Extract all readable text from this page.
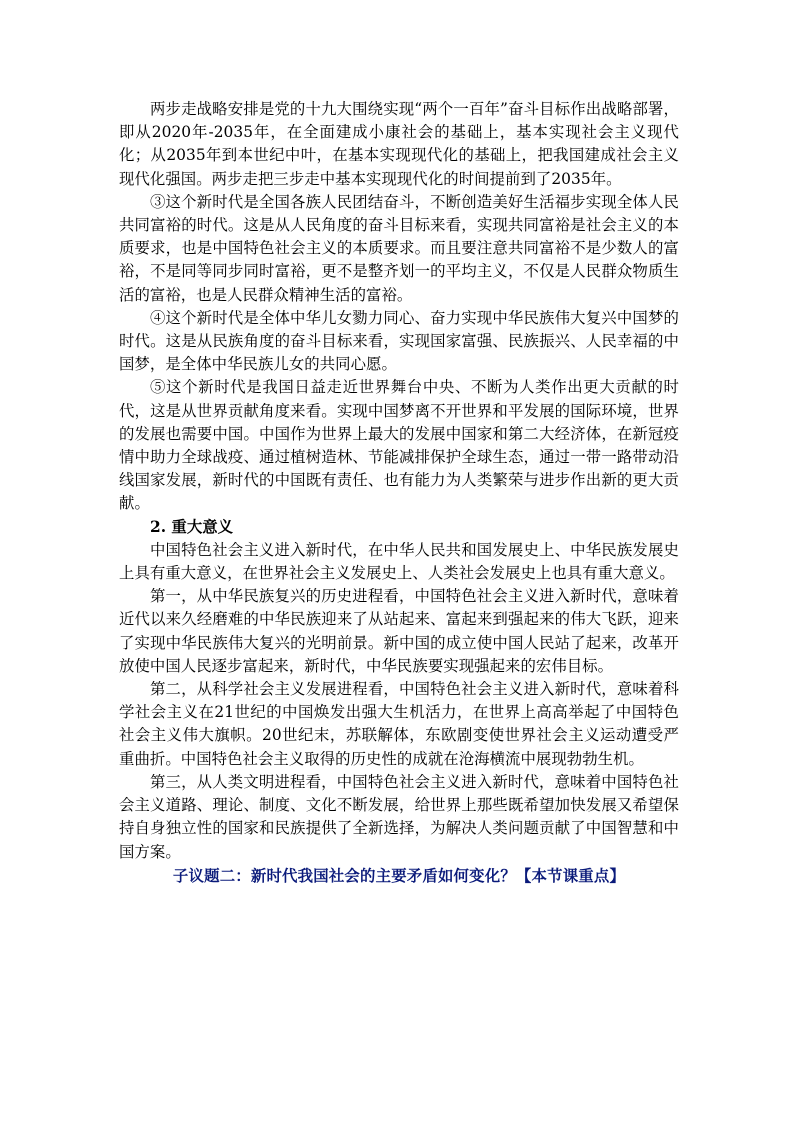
两步走战略安排是党的十九大围绕实现“两个一百年”奋斗目标作出战略部署，即从2020年-2035年，在全面建成小康社会的基础上，基本实现社会主义现代化；从2035年到本世纪中叶，在基本实现现代化的基础上，把我国建成社会主义现代化强国。两步走把三步走中基本实现现代化的时间提前到了2035年。

③这个新时代是全国各族人民团结奋斗，不断创造美好生活福步实现全体人民共同富裕的时代。这是从人民角度的奋斗目标来看，实现共同富裕是社会主义的本质要求，也是中国特色社会主义的本质要求。而且要注意共同富裕不是少数人的富裕，不是同等同步同时富裕，更不是整齐划一的平均主义，不仅是人民群众物质生活的富裕，也是人民群众精神生活的富裕。

④这个新时代是全体中华儿女勠力同心、奋力实现中华民族伟大复兴中国梦的时代。这是从民族角度的奋斗目标来看，实现国家富强、民族振兴、人民幸福的中国梦，是全体中华民族儿女的共同心愿。

⑤这个新时代是我国日益走近世界舞台中央、不断为人类作出更大贡献的时代，这是从世界贡献角度来看。实现中国梦离不开世界和平发展的国际环境，世界的发展也需要中国。中国作为世界上最大的发展中国家和第二大经济体，在新冠疫情中助力全球战疫、通过植树造林、节能减排保护全球生态，通过一带一路带动沿线国家发展，新时代的中国既有责任、也有能力为人类繁荣与进步作出新的更大贡献。

2. 重大意义

中国特色社会主义进入新时代，在中华人民共和国发展史上、中华民族发展史上具有重大意义，在世界社会主义发展史上、人类社会发展史上也具有重大意义。

第一，从中华民族复兴的历史进程看，中国特色社会主义进入新时代，意味着近代以来久经磨难的中华民族迎来了从站起来、富起来到强起来的伟大飞跃，迎来了实现中华民族伟大复兴的光明前景。新中国的成立使中国人民站了起来，改革开放使中国人民逐步富起来，新时代，中华民族要实现强起来的宏伟目标。

第二，从科学社会主义发展进程看，中国特色社会主义进入新时代，意味着科学社会主义在21世纪的中国焕发出强大生机活力，在世界上高高举起了中国特色社会主义伟大旗帜。20世纪末，苏联解体，东欧剧变使世界社会主义运动遭受严重曲折。中国特色社会主义取得的历史性的成就在沧海横流中展现勃勃生机。

第三，从人类文明进程看，中国特色社会主义进入新时代，意味着中国特色社会主义道路、理论、制度、文化不断发展，给世界上那些既希望加快发展又希望保持自身独立性的国家和民族提供了全新选择，为解决人类问题贡献了中国智慧和中国方案。

子议题二：新时代我国社会的主要矛盾如何变化？【本节课重点】
